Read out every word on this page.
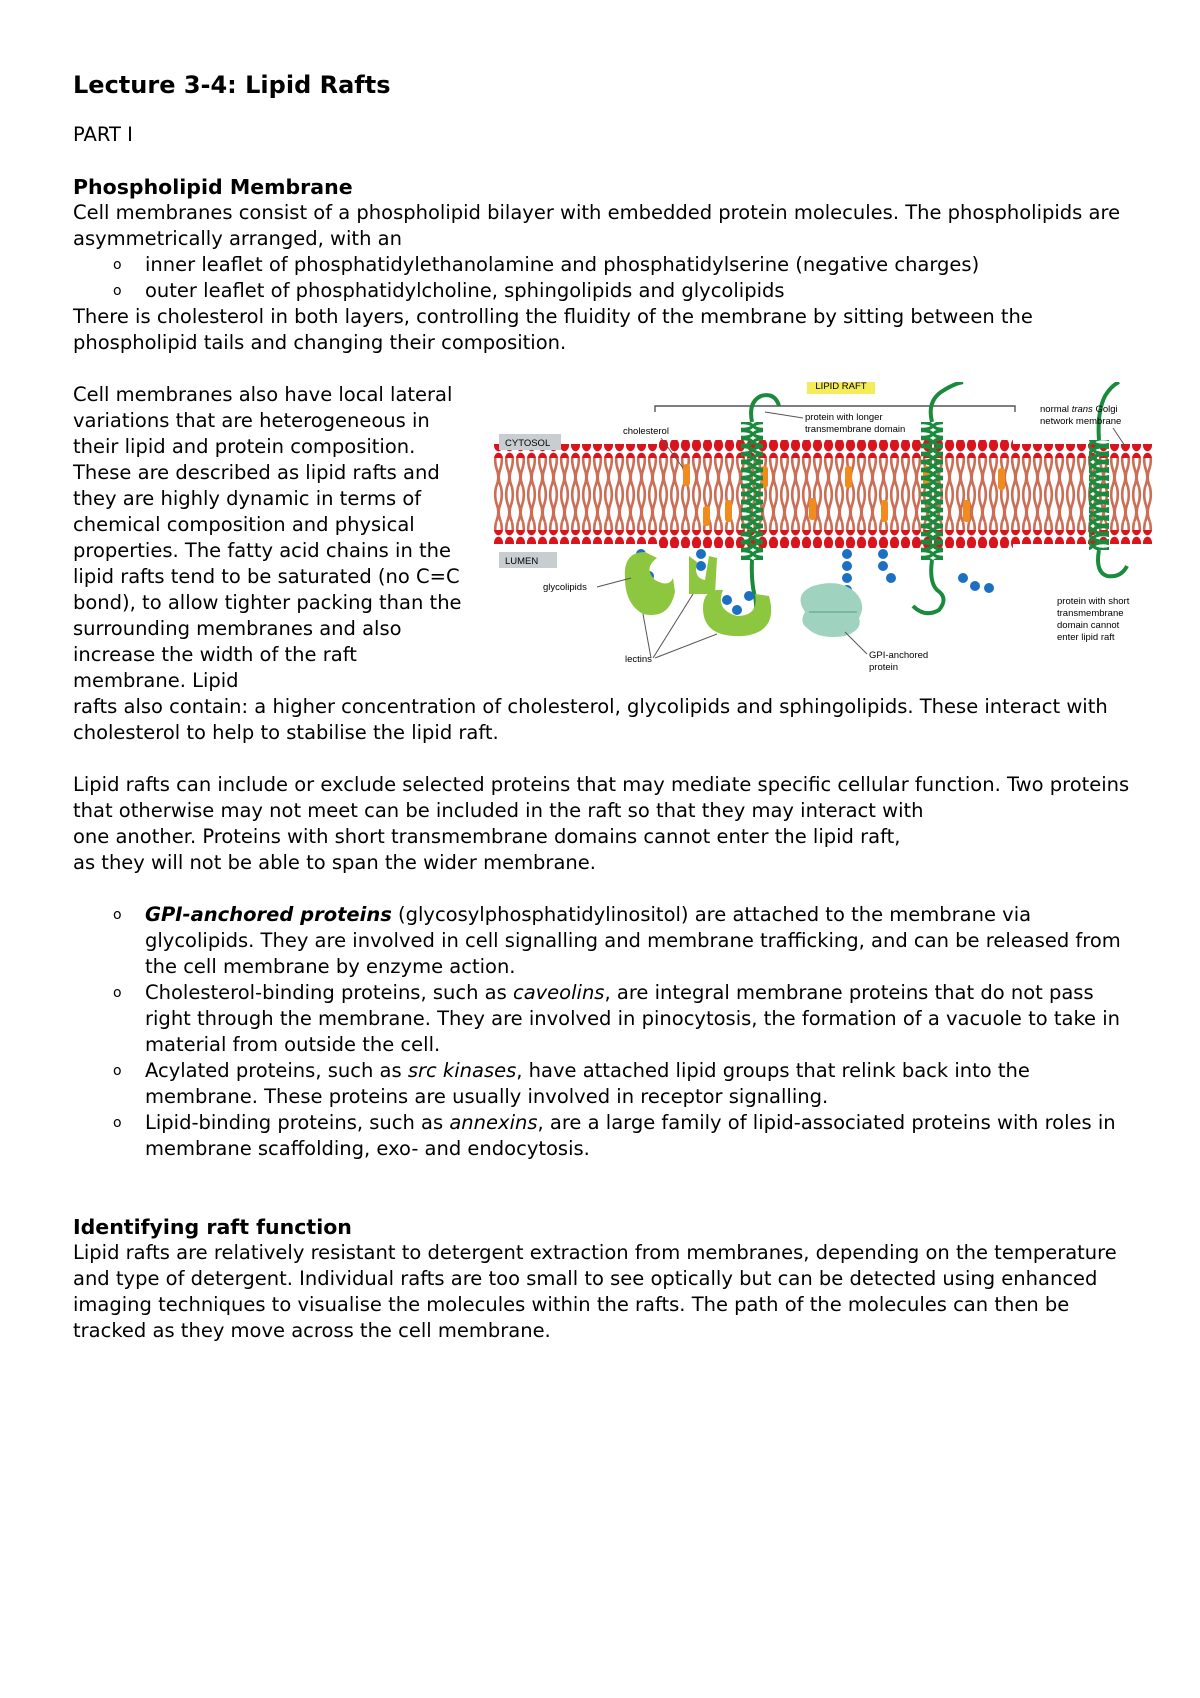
Lecture 3-4: Lipid Rafts

PART I

Phospholipid Membrane

Cell membranes consist of a phospholipid bilayer with embedded protein molecules. The phospholipids are asymmetrically arranged, with an

o inner leaflet of phosphatidylethanolamine and phosphatidylserine (negative charges)
o outer leaflet of phosphatidylcholine, sphingolipids and glycolipids

There is cholesterol in both layers, controlling the fluidity of the membrane by sitting between the phospholipid tails and changing their composition.

Cell membranes also have local lateral variations that are heterogeneous in their lipid and protein composition. These are described as lipid rafts and they are highly dynamic in terms of chemical composition and physical properties. The fatty acid chains in the lipid rafts tend to be saturated (no C=C bond), to allow tighter packing than the surrounding membranes and also increase the width of the raft membrane. Lipid

rafts also contain: a higher concentration of cholesterol, glycolipids and sphingolipids. These interact with cholesterol to help to stabilise the lipid raft.

Lipid rafts can include or exclude selected proteins that may mediate specific cellular function. Two proteins that otherwise may not meet can be included in the raft so that they may interact with

one another. Proteins with short transmembrane domains cannot enter the lipid raft,

as they will not be able to span the wider membrane.

o GPI-anchored proteins (glycosylphosphatidylinositol) are attached to the membrane via glycolipids. They are involved in cell signalling and membrane trafficking, and can be released from the cell membrane by enzyme action.
o Cholesterol-binding proteins, such as caveolins, are integral membrane proteins that do not pass right through the membrane. They are involved in pinocytosis, the formation of a vacuole to take in material from outside the cell.
o Acylated proteins, such as src kinases, have attached lipid groups that relink back into the membrane. These proteins are usually involved in receptor signalling.
o Lipid-binding proteins, such as annexins, are a large family of lipid-associated proteins with roles in membrane scaffolding, exo- and endocytosis.
Identifying raft function

Lipid rafts are relatively resistant to detergent extraction from membranes, depending on the temperature and type of detergent. Individual rafts are too small to see optically but can be detected using enhanced imaging techniques to visualise the molecules within the rafts. The path of the molecules can then be tracked as they move across the cell membrane.

LIPID RAFT
CYTOSOL
LUMEN
cholesterol
protein with longer
transmembrane domain
normal trans Golgi
network membrane
glycolipids
lectins	GPI-anchored
protein
protein with short
transmembrane
domain cannot
enter lipid raft
